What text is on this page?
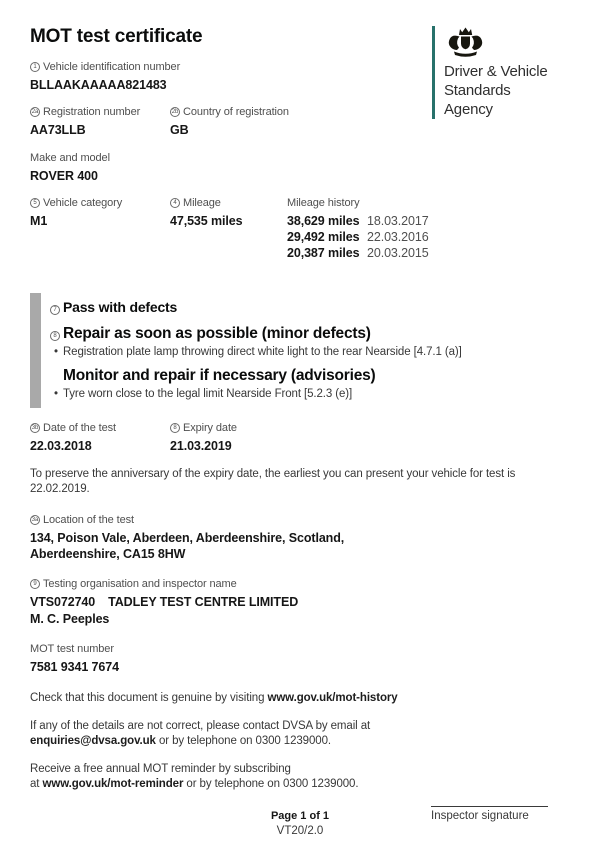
MOT test certificate
Driver & Vehicle
Standards
Agency
1 Vehicle identification number
BLLAAKAAAAA821483
2a Registration number
AA73LLB
2b Country of registration
GB
Make and model
ROVER 400
5 Vehicle category
M1
4 Mileage
47,535 miles
Mileage history
38,629 miles 18.03.2017
29,492 miles 22.03.2016
20,387 miles 20.03.2015
7 Pass with defects
8 Repair as soon as possible (minor defects)
• Registration plate lamp throwing direct white light to the rear Nearside [4.7.1 (a)]
Monitor and repair if necessary (advisories)
• Tyre worn close to the legal limit Nearside Front [5.2.3 (e)]
3b Date of the test
22.03.2018
8 Expiry date
21.03.2019

To preserve the anniversary of the expiry date, the earliest you can present your vehicle for test is 22.02.2019.

3a Location of the test
134, Poison Vale, Aberdeen, Aberdeenshire, Scotland, Aberdeenshire, CA15 8HW
9 Testing organisation and inspector name
VTS072740 TADLEY TEST CENTRE LIMITED
M. C. Peeples
MOT test number
7581 9341 7674

Check that this document is genuine by visiting www.gov.uk/mot-history

If any of the details are not correct, please contact DVSA by email at
enquiries@dvsa.gov.uk or by telephone on 0300 1239000.

Receive a free annual MOT reminder by subscribing
at www.gov.uk/mot-reminder or by telephone on 0300 1239000.

Page 1 of 1
VT20/2.0
Inspector signature
